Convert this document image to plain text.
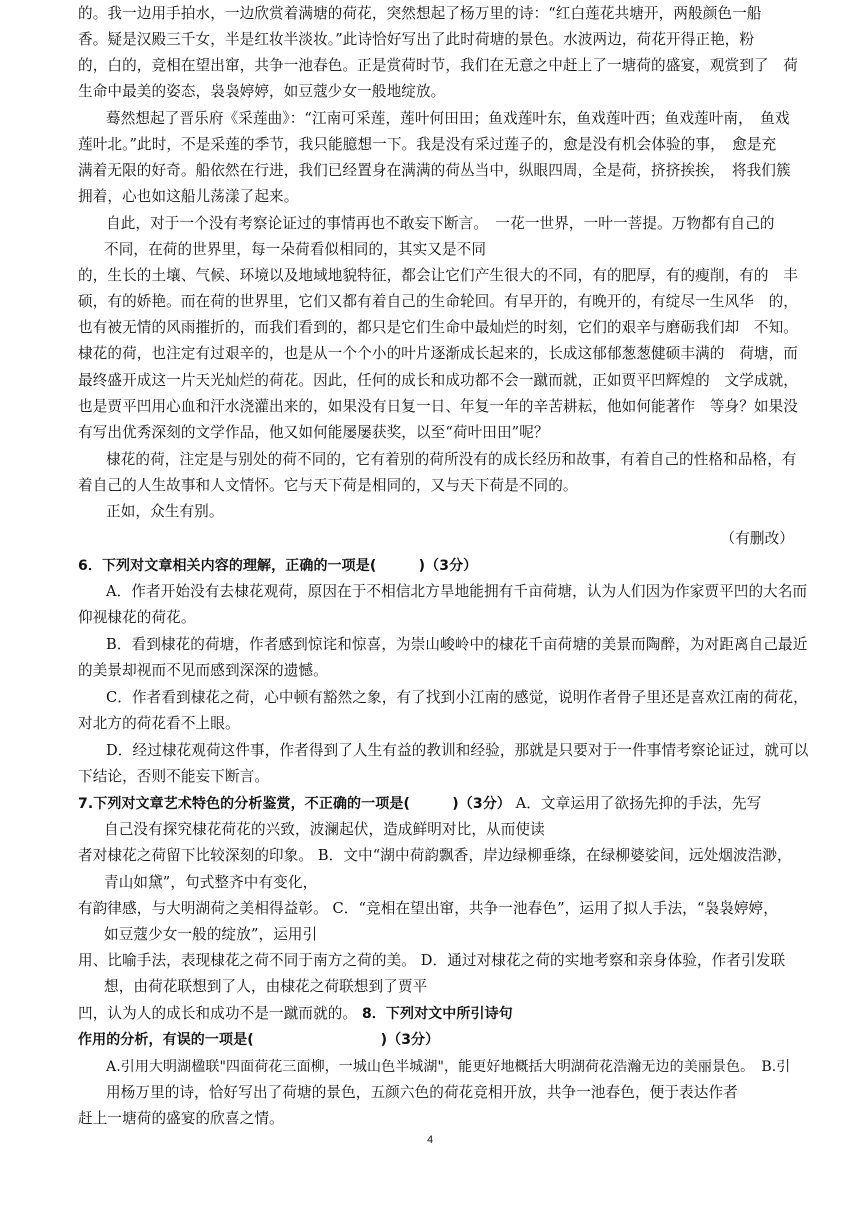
的。我一边用手拍水，一边欣赏着满塘的荷花，突然想起了杨万里的诗：“红白莲花共塘开，两般颜色一船
香。疑是汉殿三千女，半是红妆半淡妆。”此诗恰好写出了此时荷塘的景色。水波两边，荷花开得正艳，粉
的，白的，竞相在望出窜，共争一池春色。正是赏荷时节，我们在无意之中赶上了一塘荷的盛宴，观赏到了　荷
生命中最美的姿态，袅袅婷婷，如豆蔻少女一般地绽放。
蓦然想起了晋乐府《采莲曲》：“江南可采莲，莲叶何田田；鱼戏莲叶东，鱼戏莲叶西；鱼戏莲叶南，　鱼戏
莲叶北。”此时，不是采莲的季节，我只能臆想一下。我是没有采过莲子的，愈是没有机会体验的事，　愈是充
满着无限的好奇。船依然在行进，我们已经置身在满满的荷丛当中，纵眼四周，全是荷，挤挤挨挨，　将我们簇
拥着，心也如这船儿荡漾了起来。
自此，对于一个没有考察论证过的事情再也不敢妄下断言。　一花一世界，一叶一菩提。万物都有自己的
不同，在荷的世界里，每一朵荷看似相同的，其实又是不同
的，生长的土壤、气候、环境以及地域地貌特征，都会让它们产生很大的不同，有的肥厚，有的瘦削，有的　丰
硕，有的娇艳。而在荷的世界里，它们又都有着自己的生命轮回。有早开的，有晚开的，有绽尽一生风华　的，
也有被无情的风雨摧折的，而我们看到的，都只是它们生命中最灿烂的时刻，它们的艰辛与磨砺我们却　不知。
棣花的荷，也注定有过艰辛的，也是从一个个小的叶片逐渐成长起来的，长成这郁郁葱葱健硕丰满的　荷塘，而
最终盛开成这一片天光灿烂的荷花。因此，任何的成长和成功都不会一蹴而就，正如贾平凹辉煌的　文学成就，
也是贾平凹用心血和汗水浇灌出来的，如果没有日复一日、年复一年的辛苦耕耘，他如何能著作　等身？如果没
有写出优秀深刻的文学作品，他又如何能屡屡获奖，以至“荷叶田田”呢？
棣花的荷，注定是与别处的荷不同的，它有着别的荷所没有的成长经历和故事，有着自己的性格和品格，有
着自己的人生故事和人文情怀。它与天下荷是相同的，又与天下荷是不同的。
正如，众生有别。
（有删改）
6．下列对文章相关内容的理解，正确的一项是(　　　)（3分）
A．作者开始没有去棣花观荷，原因在于不相信北方旱地能拥有千亩荷塘，认为人们因为作家贾平凹的大名而
仰视棣花的荷花。
B．看到棣花的荷塘，作者感到惊诧和惊喜，为崇山峻岭中的棣花千亩荷塘的美景而陶醉，为对距离自己最近
的美景却视而不见而感到深深的遗憾。
C．作者看到棣花之荷，心中顿有豁然之象，有了找到小江南的感觉，说明作者骨子里还是喜欢江南的荷花，
对北方的荷花看不上眼。
D．经过棣花观荷这件事，作者得到了人生有益的教训和经验，那就是只要对于一件事情考察论证过，就可以
下结论，否则不能妄下断言。
7.下列对文章艺术特色的分析鉴赏，不正确的一项是(　　　)（3分） A．文章运用了欲扬先抑的手法，先写
自己没有探究棣花荷花的兴致，波澜起伏，造成鲜明对比，从而使读
者对棣花之荷留下比较深刻的印象。 B．文中“湖中荷韵飘香，岸边绿柳垂绦，在绿柳婆娑间，远处烟波浩渺，
青山如黛”，句式整齐中有变化，
有韵律感，与大明湖荷之美相得益彰。 C．“竞相在望出窜，共争一池春色”，运用了拟人手法，“袅袅婷婷，
如豆蔻少女一般的绽放”，运用引
用、比喻手法，表现棣花之荷不同于南方之荷的美。 D．通过对棣花之荷的实地考察和亲身体验，作者引发联
想，由荷花联想到了人，由棣花之荷联想到了贾平
凹，认为人的成长和成功不是一蹴而就的。 8．下列对文中所引诗句
作用的分析，有误的一项是(　　　　　　　　　)（3分）
A.引用大明湖楹联"四面荷花三面柳，一城山色半城湖"，能更好地概括大明湖荷花浩瀚无边的美丽景色。　B.引
用杨万里的诗，恰好写出了荷塘的景色，五颜六色的荷花竞相开放，共争一池春色，便于表达作者
赶上一塘荷的盛宴的欣喜之情。
4
